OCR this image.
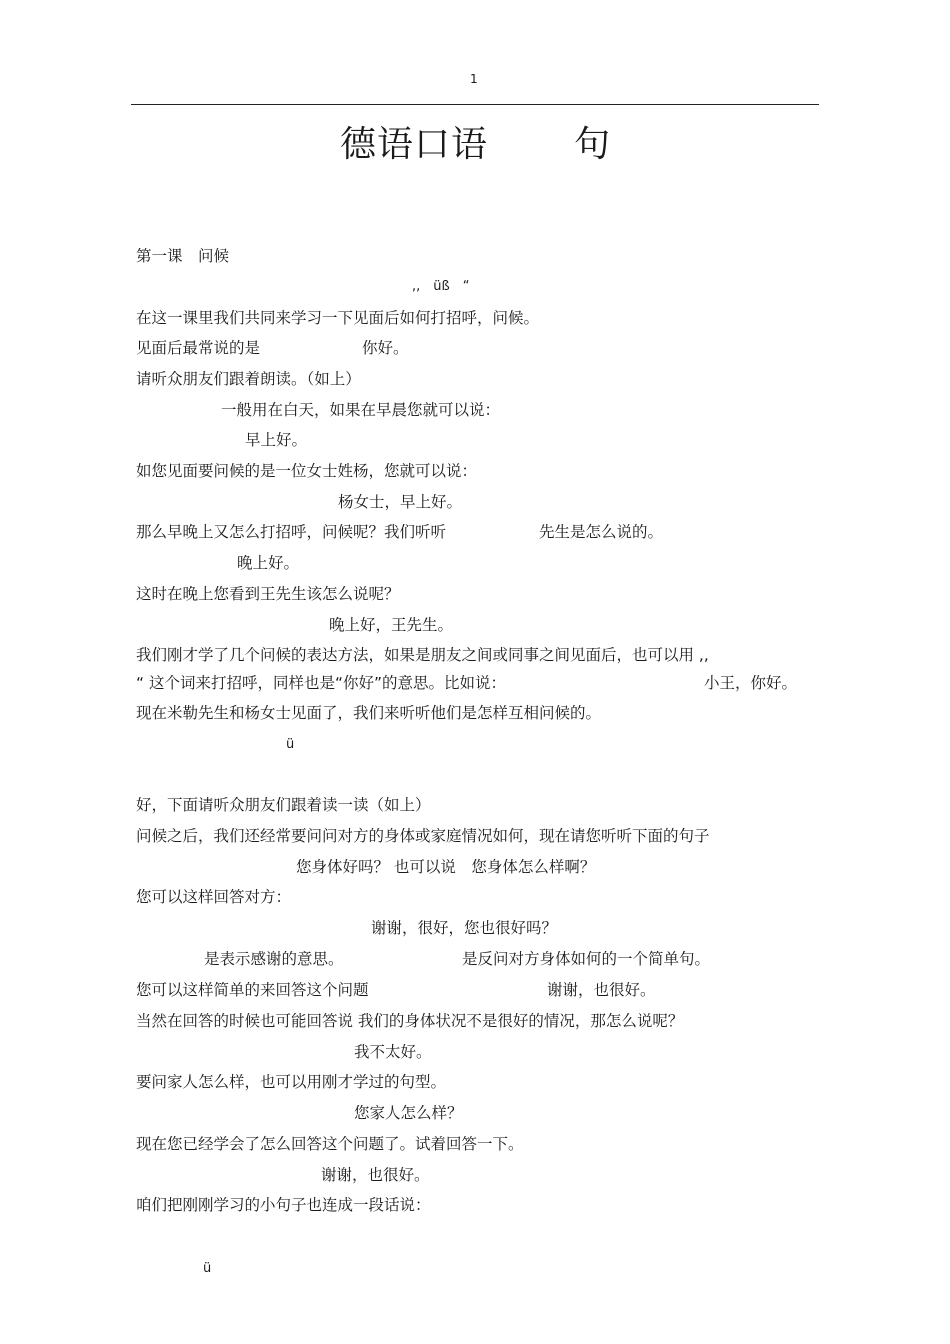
1
德语口语 句
第一课　问候
,,　üß　“
在这一课里我们共同来学习一下见面后如何打招呼，问候。
见面后最常说的是	你好。
请听众朋友们跟着朗读。（如上）
一般用在白天，如果在早晨您就可以说：
早上好。
如您见面要问候的是一位女士姓杨，您就可以说：
杨女士，早上好。
那么早晚上又怎么打招呼，问候呢？我们听听	先生是怎么说的。
晚上好。
这时在晚上您看到王先生该怎么说呢？
晚上好，王先生。
我们刚才学了几个问候的表达方法，如果是朋友之间或同事之间见面后，也可以用 ,,
“ 这个词来打招呼，同样也是“你好”的意思。比如说：	小王，你好。
现在米勒先生和杨女士见面了，我们来听听他们是怎样互相问候的。
ü
好，下面请听众朋友们跟着读一读（如上）
问候之后，我们还经常要问问对方的身体或家庭情况如何，现在请您听听下面的句子
您身体好吗？ 也可以说　您身体怎么样啊？
您可以这样回答对方：
谢谢，很好，您也很好吗？
是表示感谢的意思。	是反问对方身体如何的一个简单句。
您可以这样简单的来回答这个问题	谢谢，也很好。
当然在回答的时候也可能回答说 我们的身体状况不是很好的情况，那怎么说呢？
我不太好。
要问家人怎么样，也可以用刚才学过的句型。
您家人怎么样？
现在您已经学会了怎么回答这个问题了。试着回答一下。
谢谢，也很好。
咱们把刚刚学习的小句子也连成一段话说：
ü
